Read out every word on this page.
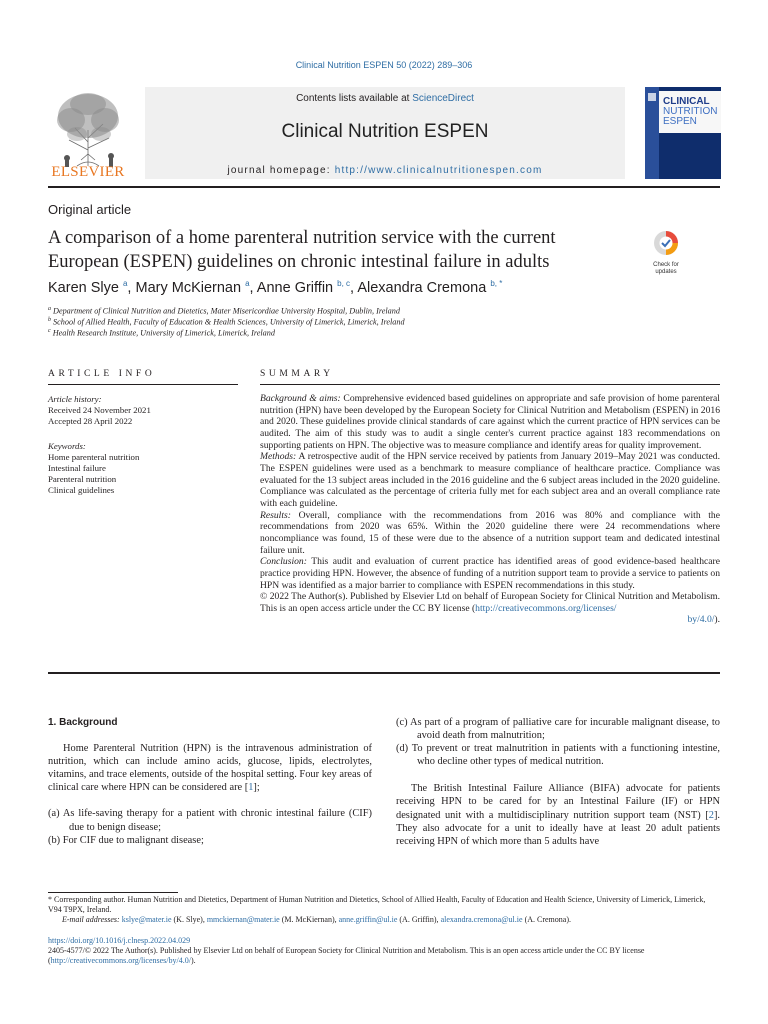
Clinical Nutrition ESPEN 50 (2022) 289–306
ELSEVIER
Contents lists available at ScienceDirect
Clinical Nutrition ESPEN
journal homepage: http://www.clinicalnutritionespen.com
CLINICAL
NUTRITION
ESPEN
Original article
A comparison of a home parenteral nutrition service with the current European (ESPEN) guidelines on chronic intestinal failure in adults	Check for updates
Karen Slye $^a$, Mary McKiernan $^a$, Anne Griffin $^{b, c}$, Alexandra Cremona $^{b, *}$
$^a$ Department of Clinical Nutrition and Dietetics, Mater Misericordiae University Hospital, Dublin, Ireland
$^b$ School of Allied Health, Faculty of Education & Health Sciences, University of Limerick, Limerick, Ireland
$^c$ Health Research Institute, University of Limerick, Limerick, Ireland
ARTICLE INFO
Article history:
Received 24 November 2021
Accepted 28 April 2022
Keywords:
Home parenteral nutrition
Intestinal failure
Parenteral nutrition
Clinical guidelines
SUMMARY

Background & aims: Comprehensive evidenced based guidelines on appropriate and safe provision of home parenteral nutrition (HPN) have been developed by the European Society for Clinical Nutrition and Metabolism (ESPEN) in 2016 and 2020. These guidelines provide clinical standards of care against which the current practice of HPN services can be audited. The aim of this study was to audit a single center's current practice against 183 recommendations on supporting patients on HPN. The objective was to measure compliance and identify areas for quality improvement.

Methods: A retrospective audit of the HPN service received by patients from January 2019–May 2021 was conducted. The ESPEN guidelines were used as a benchmark to measure compliance of healthcare practice. Compliance was evaluated for the 13 subject areas included in the 2016 guideline and the 6 subject areas included in the 2020 guideline. Compliance was calculated as the percentage of criteria fully met for each subject area and an overall compliance rate with each guideline.

Results: Overall, compliance with the recommendations from 2016 was 80% and compliance with the recommendations from 2020 was 65%. Within the 2020 guideline there were 24 recommendations where noncompliance was found, 15 of these were due to the absence of a nutrition support team and dedicated intestinal failure unit.

Conclusion: This audit and evaluation of current practice has identified areas of good evidence-based healthcare practice providing HPN. However, the absence of funding of a nutrition support team to provide a service to patients on HPN was identified as a major barrier to compliance with ESPEN recommendations in this study.

© 2022 The Author(s). Published by Elsevier Ltd on behalf of European Society for Clinical Nutrition and Metabolism. This is an open access article under the CC BY license (http://creativecommons.org/licenses/

by/4.0/).

1. Background

Home Parenteral Nutrition (HPN) is the intravenous administration of nutrition, which can include amino acids, glucose, lipids, electrolytes, vitamins, and trace elements, outside of the hospital setting. Four key areas of clinical care where HPN can be considered are [1];

(a) As life-saving therapy for a patient with chronic intestinal failure (CIF) due to benign disease;

(b) For CIF due to malignant disease;

(c) As part of a program of palliative care for incurable malignant disease, to avoid death from malnutrition;

(d) To prevent or treat malnutrition in patients with a functioning intestine, who decline other types of medical nutrition.

The British Intestinal Failure Alliance (BIFA) advocate for patients receiving HPN to be cared for by an Intestinal Failure (IF) or HPN designated unit with a multidisciplinary nutrition support team (NST) [2]. They also advocate for a unit to ideally have at least 20 adult patients receiving HPN of which more than 5 adults have

* Corresponding author. Human Nutrition and Dietetics, Department of Human Nutrition and Dietetics, School of Allied Health, Faculty of Education and Health Science, University of Limerick, Limerick, V94 T9PX, Ireland.

E-mail addresses: kslye@mater.ie (K. Slye), mmckiernan@mater.ie (M. McKiernan), anne.griffin@ul.ie (A. Griffin), alexandra.cremona@ul.ie (A. Cremona).

https://doi.org/10.1016/j.clnesp.2022.04.029

2405-4577/© 2022 The Author(s). Published by Elsevier Ltd on behalf of European Society for Clinical Nutrition and Metabolism. This is an open access article under the CC BY license (http://creativecommons.org/licenses/by/4.0/).
